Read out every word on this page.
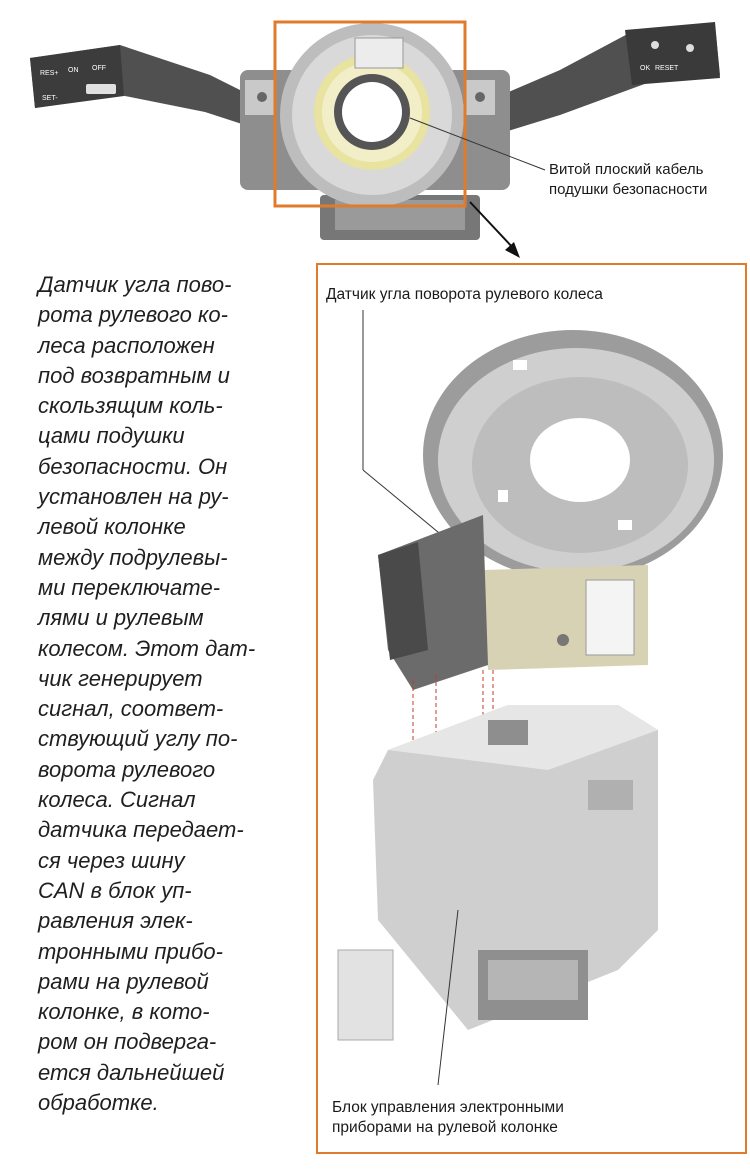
RES+ ON OFF
SET-
OK RESET
Витой плоский кабель
подушки безопасности
Датчик угла пово-
рота рулевого ко-
леса расположен
под возвратным и
скользящим коль-
цами подушки
безопасности. Он
установлен на ру-
левой колонке
между подрулевы-
ми переключате-
лями и рулевым
колесом. Этот дат-
чик генерирует
сигнал, соответ-
ствующий углу по-
ворота рулевого
колеса. Сигнал
датчика передает-
ся через шину
CAN в блок уп-
равления элек-
тронными прибо-
рами на рулевой
колонке, в кото-
ром он подверга-
ется дальнейшей
обработке.
Датчик угла поворота рулевого колеса
Блок управления электронными
приборами на рулевой колонке
